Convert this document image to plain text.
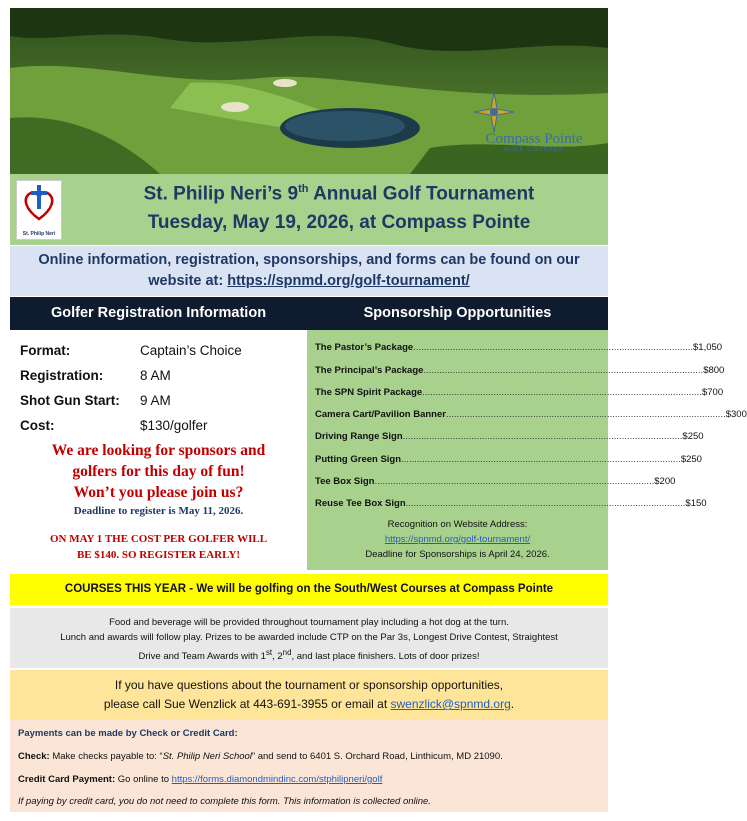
Compass Pointe
GOLF COURSES
St. Philip Neri
St. Philip Neri’s 9th Annual Golf Tournament
Tuesday, May 19, 2026, at Compass Pointe
Online information, registration, sponsorships, and forms can be found on our
website at: https://spnmd.org/golf-tournament/
Golfer Registration Information	Sponsorship Opportunities
Format:	Captain’s Choice
Registration:	8 AM
Shot Gun Start: 9 AM
Cost:	$130/golfer
We are looking for sponsors and
golfers for this day of fun!
Won’t you please join us?
Deadline to register is May 11, 2026.
ON MAY 1 THE COST PER GOLFER WILL
BE $140. SO REGISTER EARLY!
The Pastor’s Package .......................................................................................................... $1,050
The Principal’s Package .......................................................................................................... $800
The SPN Spirit Package .......................................................................................................... $700
Camera Cart/Pavilion Banner .......................................................................................................... $300
Driving Range Sign .......................................................................................................... $250
Putting Green Sign .......................................................................................................... $250
Tee Box Sign .......................................................................................................... $200
Reuse Tee Box Sign .......................................................................................................... $150
Recognition on Website Address:
https://spnmd.org/golf-tournament/
Deadline for Sponsorships is April 24, 2026.
COURSES THIS YEAR - We will be golfing on the South/West Courses at Compass Pointe
Food and beverage will be provided throughout tournament play including a hot dog at the turn.
Lunch and awards will follow play. Prizes to be awarded include CTP on the Par 3s, Longest Drive Contest, Straightest
Drive and Team Awards with 1st, 2nd, and last place finishers. Lots of door prizes!
If you have questions about the tournament or sponsorship opportunities,
please call Sue Wenzlick at 443-691-3955 or email at swenzlick@spnmd.org.
Payments can be made by Check or Credit Card:
Check: Make checks payable to: “St. Philip Neri School” and send to 6401 S. Orchard Road, Linthicum, MD 21090.
Credit Card Payment: Go online to https://forms.diamondmindinc.com/stphilipneri/golf
If paying by credit card, you do not need to complete this form. This information is collected online.
